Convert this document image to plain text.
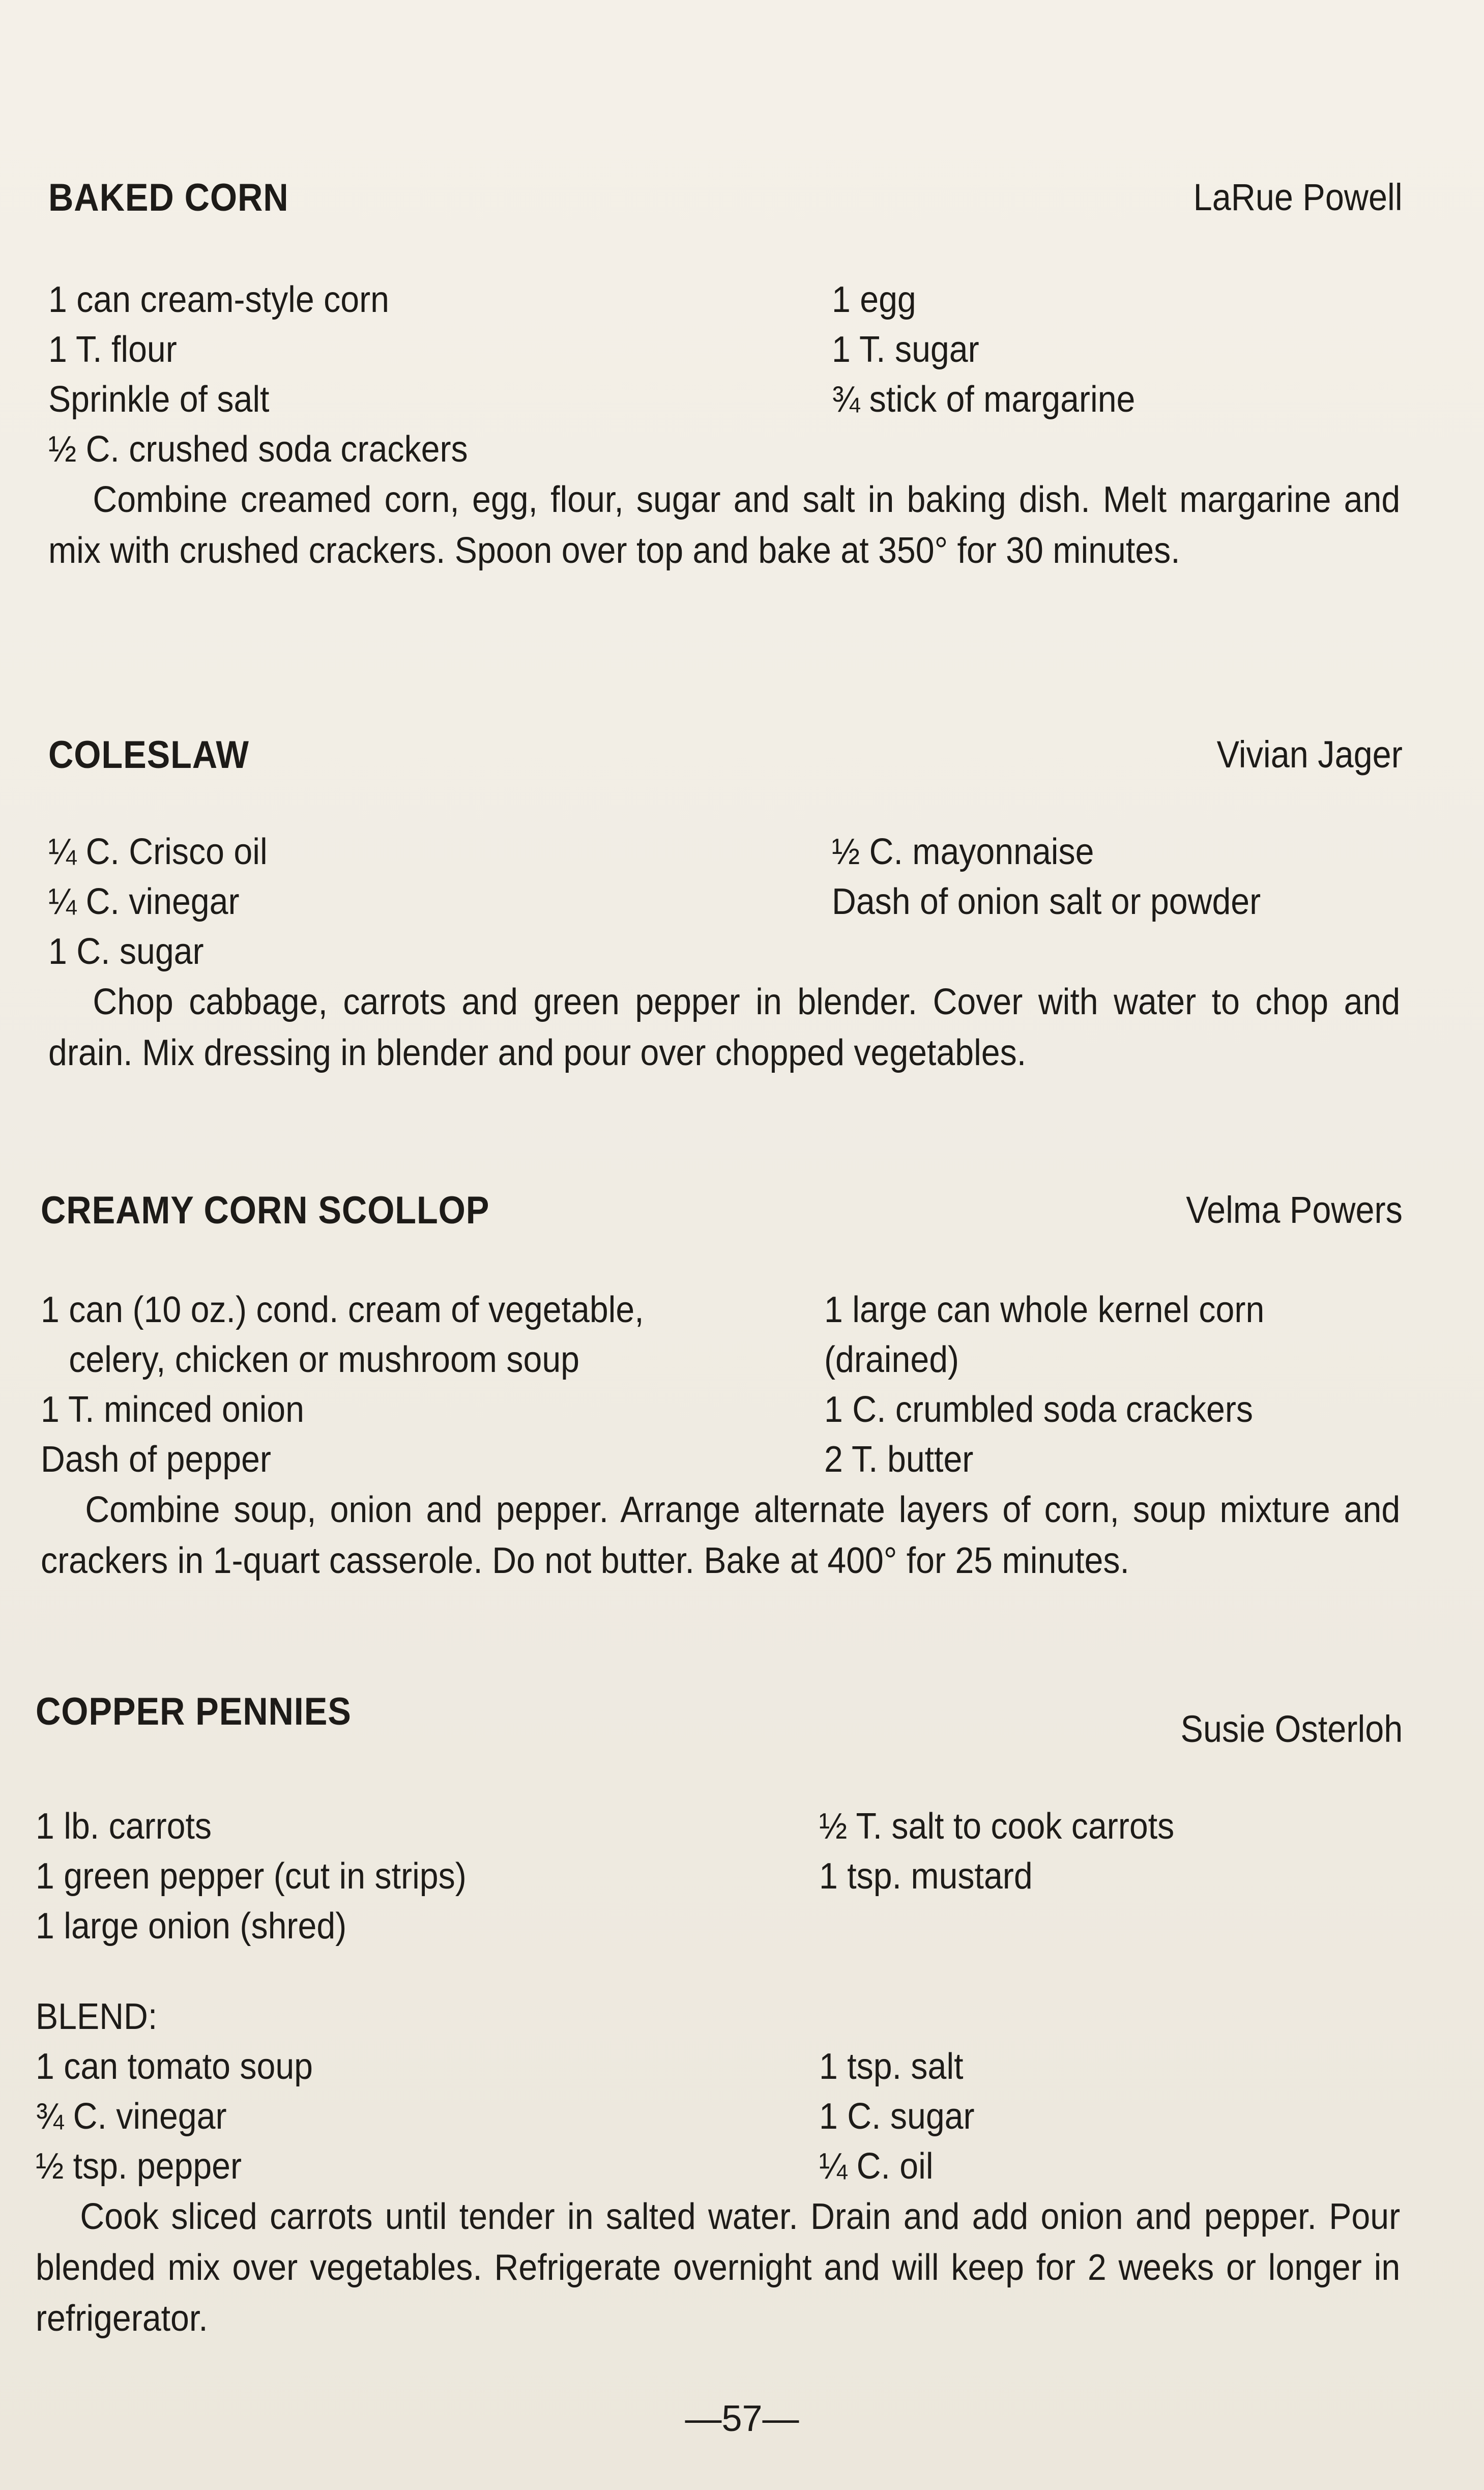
BAKED CORN	LaRue Powell
1 can cream-style corn	1 egg
1 T. flour	1 T. sugar
Sprinkle of salt	¾ stick of margarine
½ C. crushed soda crackers

Combine creamed corn, egg, flour, sugar and salt in baking dish. Melt margarine and mix with crushed crackers. Spoon over top and bake at 350° for 30 minutes.

COLESLAW	Vivian Jager
¼ C. Crisco oil	½ C. mayonnaise
¼ C. vinegar	Dash of onion salt or powder
1 C. sugar

Chop cabbage, carrots and green pepper in blender. Cover with water to chop and drain. Mix dressing in blender and pour over chopped vegetables.

CREAMY CORN SCOLLOP	Velma Powers
1 can (10 oz.) cond. cream of vegetable,	1 large can whole kernel corn
celery, chicken or mushroom soup	(drained)
1 T. minced onion	1 C. crumbled soda crackers
Dash of pepper	2 T. butter

Combine soup, onion and pepper. Arrange alternate layers of corn, soup mixture and crackers in 1-quart casserole. Do not butter. Bake at 400° for 25 minutes.

COPPER PENNIES	Susie Osterloh
1 lb. carrots	½ T. salt to cook carrots
1 green pepper (cut in strips)	1 tsp. mustard
1 large onion (shred)
BLEND:
1 can tomato soup	1 tsp. salt
¾ C. vinegar	1 C. sugar
½ tsp. pepper	¼ C. oil

Cook sliced carrots until tender in salted water. Drain and add onion and pepper. Pour blended mix over vegetables. Refrigerate overnight and will keep for 2 weeks or longer in refrigerator.

—57—
